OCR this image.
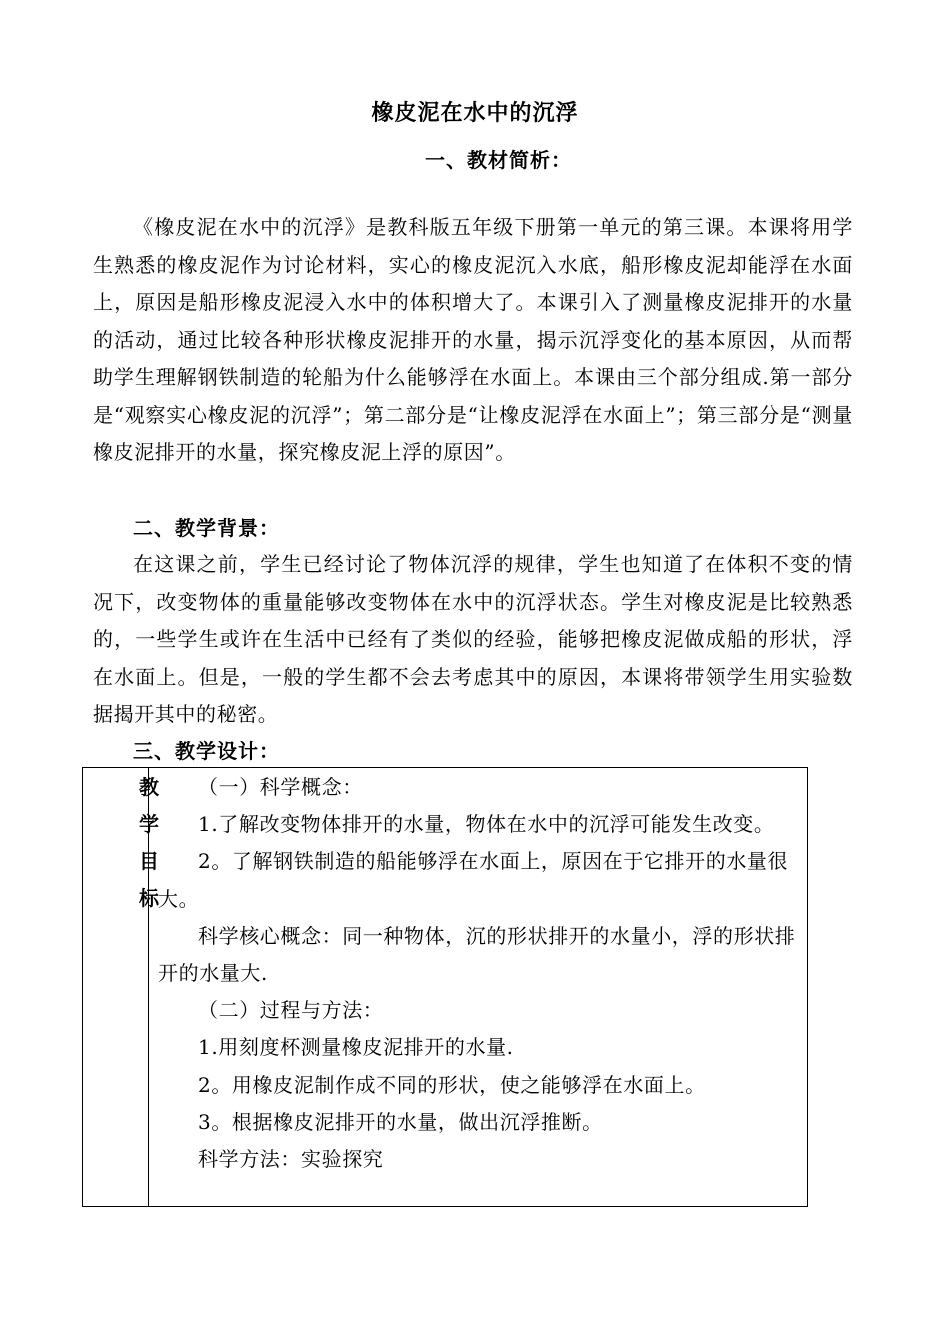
橡皮泥在水中的沉浮
一、教材简析：
《橡皮泥在水中的沉浮》是教科版五年级下册第一单元的第三课。本课将用学生熟悉的橡皮泥作为讨论材料，实心的橡皮泥沉入水底，船形橡皮泥却能浮在水面上，原因是船形橡皮泥浸入水中的体积增大了。本课引入了测量橡皮泥排开的水量的活动，通过比较各种形状橡皮泥排开的水量，揭示沉浮变化的基本原因，从而帮助学生理解钢铁制造的轮船为什么能够浮在水面上。本课由三个部分组成.第一部分是“观察实心橡皮泥的沉浮”；第二部分是“让橡皮泥浮在水面上”；第三部分是“测量橡皮泥排开的水量，探究橡皮泥上浮的原因”。
二、教学背景：
在这课之前，学生已经讨论了物体沉浮的规律，学生也知道了在体积不变的情况下，改变物体的重量能够改变物体在水中的沉浮状态。学生对橡皮泥是比较熟悉的，一些学生或许在生活中已经有了类似的经验，能够把橡皮泥做成船的形状，浮在水面上。但是，一般的学生都不会去考虑其中的原因，本课将带领学生用实验数据揭开其中的秘密。
三、教学设计：
教
学
目
标

（一）科学概念：

1.了解改变物体排开的水量，物体在水中的沉浮可能发生改变。

2。了解钢铁制造的船能够浮在水面上，原因在于它排开的水量很大。

科学核心概念：同一种物体，沉的形状排开的水量小，浮的形状排开的水量大.

（二）过程与方法：

1.用刻度杯测量橡皮泥排开的水量.

2。用橡皮泥制作成不同的形状，使之能够浮在水面上。

3。根据橡皮泥排开的水量，做出沉浮推断。

科学方法：实验探究
